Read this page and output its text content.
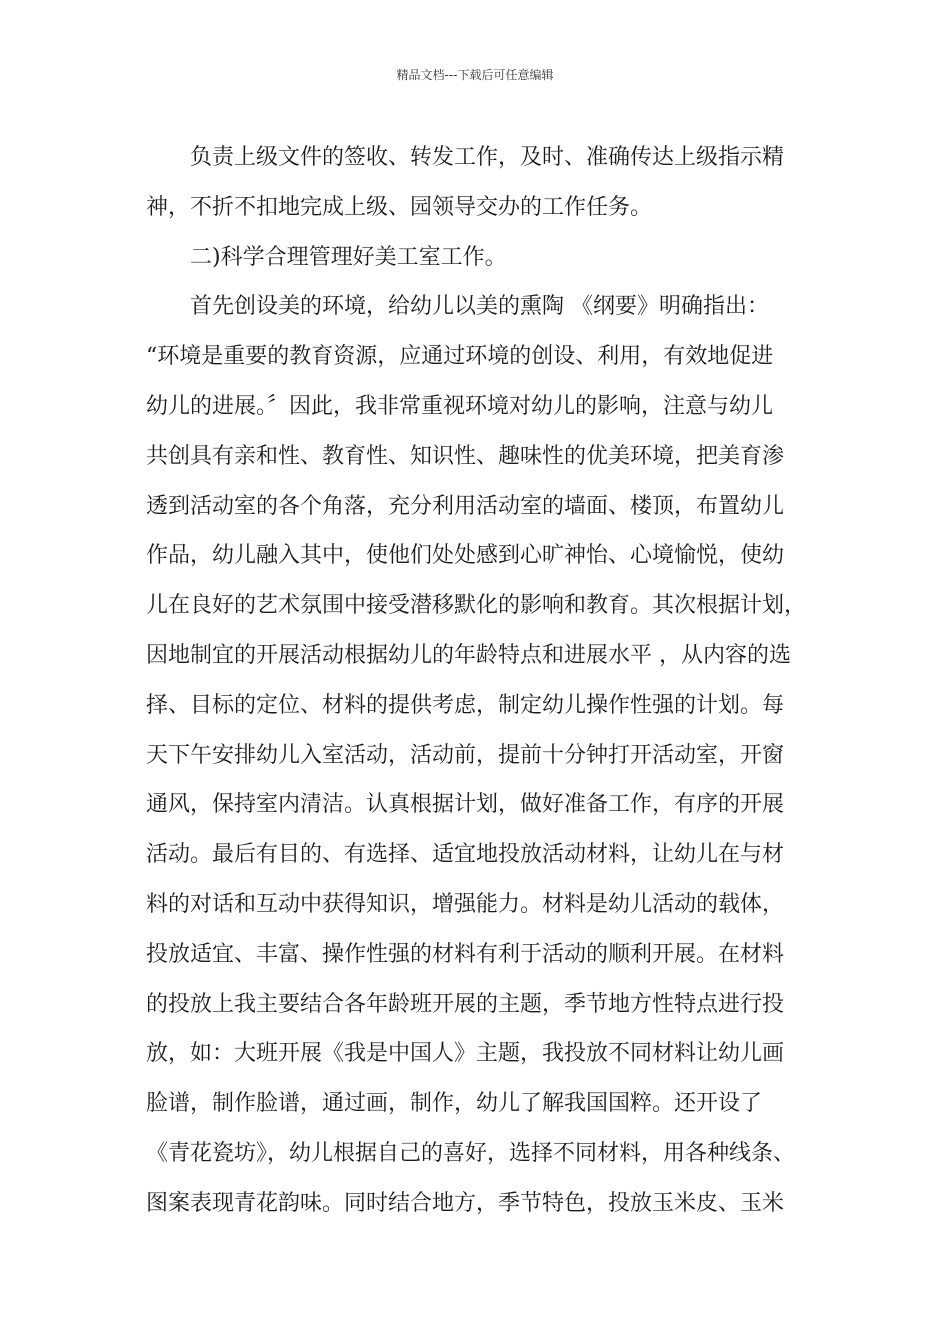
精品文档---下载后可任意编辑
负责上级文件的签收、转发工作，及时、准确传达上级指示精
神，不折不扣地完成上级、园领导交办的工作任务。
二)科学合理管理好美工室工作。
首先创设美的环境，给幼儿以美的熏陶 《纲要》明确指出：
“环境是重要的教育资源，应通过环境的创设、利用，有效地促进
幼儿的进展。〞因此，我非常重视环境对幼儿的影响，注意与幼儿
共创具有亲和性、教育性、知识性、趣味性的优美环境，把美育渗
透到活动室的各个角落，充分利用活动室的墙面、楼顶，布置幼儿
作品，幼儿融入其中，使他们处处感到心旷神怡、心境愉悦，使幼
儿在良好的艺术氛围中接受潜移默化的影响和教育。其次根据计划，
因地制宜的开展活动根据幼儿的年龄特点和进展水平 ，从内容的选
择、目标的定位、材料的提供考虑，制定幼儿操作性强的计划。每
天下午安排幼儿入室活动，活动前，提前十分钟打开活动室，开窗
通风，保持室内清洁。认真根据计划，做好准备工作，有序的开展
活动。最后有目的、有选择、适宜地投放活动材料，让幼儿在与材
料的对话和互动中获得知识，增强能力。材料是幼儿活动的载体，
投放适宜、丰富、操作性强的材料有利于活动的顺利开展。在材料
的投放上我主要结合各年龄班开展的主题，季节地方性特点进行投
放，如：大班开展《我是中国人》主题，我投放不同材料让幼儿画
脸谱，制作脸谱，通过画，制作，幼儿了解我国国粹。还开设了
《青花瓷坊》，幼儿根据自己的喜好，选择不同材料，用各种线条、
图案表现青花韵味。同时结合地方，季节特色，投放玉米皮、玉米
